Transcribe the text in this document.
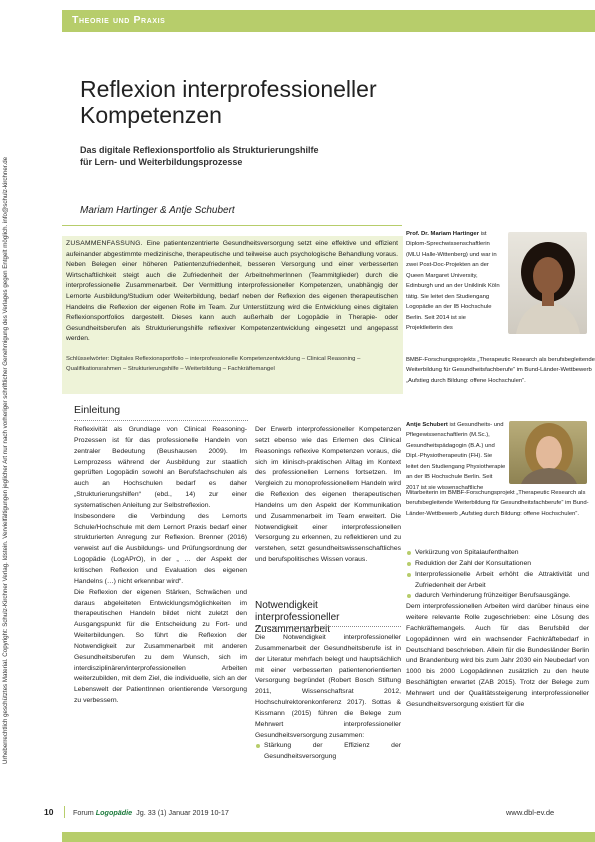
Theorie und Praxis
Urheberrechtlich geschütztes Material. Copyright: Schulz-Kirchner Verlag. Idstein. Vervielfältigungen jeglicher Art nur nach vorheriger schriftlicher Genehmigung des Verlages gegen Entgelt möglich. info@schulz-kirchner.de
Reflexion interprofessioneller
Kompetenzen
Das digitale Reflexionsportfolio als Strukturierungshilfe
für Lern- und Weiterbildungsprozesse
Mariam Hartinger & Antje Schubert
ZUSAMMENFASSUNG. Eine patientenzentrierte Gesundheitsversorgung setzt eine effektive und effizient aufeinander abgestimmte medizinische, therapeutische und teilweise auch psychologische Behandlung voraus. Neben Belegen einer höheren Patientenzufriedenheit, besseren Versorgung und einer verbesserten Wirtschaftlichkeit steigt auch die Zufriedenheit der ArbeitnehmerInnen (Teammitglieder) durch die interprofessionelle Zusammenarbeit. Der Vermittlung interprofessioneller Kompetenzen, unabhängig der Lernorte Ausbildung/Studium oder Weiterbildung, bedarf neben der Reflexion des eigenen therapeutischen Handelns die Reflexion der eigenen Rolle im Team. Zur Unterstützung wird die Entwicklung eines digitalen Reflexionsportfolios dargestellt. Dieses kann auch außerhalb der Logopädie in Therapie- oder Gesundheitsberufen als Strukturierungshilfe reflexiver Kompetenzentwicklung eingesetzt und angepasst werden.
Schlüsselwörter: Digitales Reflexionsportfolio – interprofessionelle Kompetenzentwicklung – Clinical Reasoning – Qualifikationsrahmen – Strukturierungshilfe – Weiterbildung – Fachkräftemangel
Einleitung
Reflexivität als Grundlage von Clinical Reasoning-Prozessen ist für das professionelle Handeln von zentraler Bedeutung (Beushausen 2009). Im Lernprozess während der Ausbildung zur staatlich geprüften Logopädin sowohl an Berufsfachschulen als auch an Hochschulen bedarf es daher „Strukturierungshilfen“ (ebd., 14) zur einer systematischen Anleitung zur Selbstreflexion.
Insbesondere die Verbindung des Lernorts Schule/Hochschule mit dem Lernort Praxis bedarf einer strukturierten Anregung zur Reflexion. Brenner (2016) verweist auf die Ausbildungs- und Prüfungsordnung der Logopädie (LogAPrO), in der „ … der Aspekt der kritischen Reflexion und Evaluation des eigenen Handelns (…) nicht erkennbar wird“.
Die Reflexion der eigenen Stärken, Schwächen und daraus abgeleiteten Entwicklungsmöglichkeiten im therapeutischen Handeln bildet nicht zuletzt den Ausgangspunkt für die Entscheidung zu Fort- und Weiterbildungen. So führt die Reflexion der Notwendigkeit zur Zusammenarbeit mit anderen Gesundheitsberufen zu dem Wunsch, sich im interdisziplinären/interprofessionellen Arbeiten weiterzubilden, mit dem Ziel, die individuelle, sich an der Lebenswelt der PatientInnen orientierende Versorgung zu verbessern.
Der Erwerb interprofessioneller Kompetenzen setzt ebenso wie das Erlernen des Clinical Reasonings reflexive Kompetenzen voraus, die sich im klinisch-praktischen Alltag im Kontext des professionellen Lernens fortsetzen. Im Vergleich zu monoprofessionellem Handeln wird die Reflexion des eigenen therapeutischen Handelns um den Aspekt der Kommunikation und Zusammenarbeit im Team erweitert. Die Notwendigkeit einer interprofessionellen Versorgung zu erkennen, zu reflektieren und zu verstehen, setzt gesundheitswissenschaftliches und berufspolitisches Wissen voraus.
Notwendigkeit interprofessioneller Zusammenarbeit
Die Notwendigkeit interprofessioneller Zusammenarbeit der Gesundheitsberufe ist in der Literatur mehrfach belegt und hauptsächlich mit einer verbesserten patientenorientierten Versorgung begründet (Robert Bosch Stiftung 2011, Wissenschaftsrat 2012, Hochschulrektorenkonferenz 2017). Sottas & Kissmann (2015) führen die Belege zum Mehrwert interprofessioneller Gesundheitsversorgung zusammen:
Stärkung der Effizienz der Gesundheitsversorgung
Prof. Dr. Mariam Hartinger ist Diplom-Sprechwissenschaftlerin (MLU Halle-Wittenberg) und war in zwei Post-Doc-Projekten an der Queen Margaret University, Edinburgh und an der Uniklinik Köln tätig. Sie leitet den Studiengang Logopädie an der IB Hochschule Berlin. Seit 2014 ist sie Projektleiterin des
BMBF-Forschungsprojekts „Therapeutic Research als berufsbegleitende Weiterbildung für Gesundheitsfachberufe“ im Bund-Länder-Wettbewerb „Aufstieg durch Bildung: offene Hochschulen“.
Antje Schubert ist Gesundheits- und Pflegewissenschaftlerin (M.Sc.), Gesundheitspädagogin (B.A.) und Dipl.-Physiotherapeutin (FH). Sie leitet den Studiengang Physiotherapie an der IB Hochschule Berlin. Seit 2017 ist sie wissenschaftliche
Mitarbeiterin im BMBF-Forschungsprojekt „Therapeutic Research als berufsbegleitende Weiterbildung für Gesundheitsfachberufe“ im Bund-Länder-Wettbewerb „Aufstieg durch Bildung: offene Hochschulen“.
Verkürzung von Spitalaufenthalten
Reduktion der Zahl der Konsultationen
Interprofessionelle Arbeit erhöht die Attraktivität und Zufriedenheit der Arbeit
dadurch Verhinderung frühzeitiger Berufsausgänge.
Dem interprofessionellen Arbeiten wird darüber hinaus eine weitere relevante Rolle zugeschrieben: eine Lösung des Fachkräftemangels. Auch für das Berufsbild der Logopädinnen wird ein wachsender Fachkräftebedarf in Deutschland beschrieben. Allein für die Bundesländer Berlin und Brandenburg wird bis zum Jahr 2030 ein Neubedarf von 1000 bis 2000 Logopädinnen zusätzlich zu den heute Beschäftigten erwartet (ZAB 2015). Trotz der Belege zum Mehrwert und der Qualitätssteigerung interprofessioneller Gesundheitsversorgung existiert für die
10	Forum Logopädie Jg. 33 (1) Januar 2019 10-17	www.dbl-ev.de
